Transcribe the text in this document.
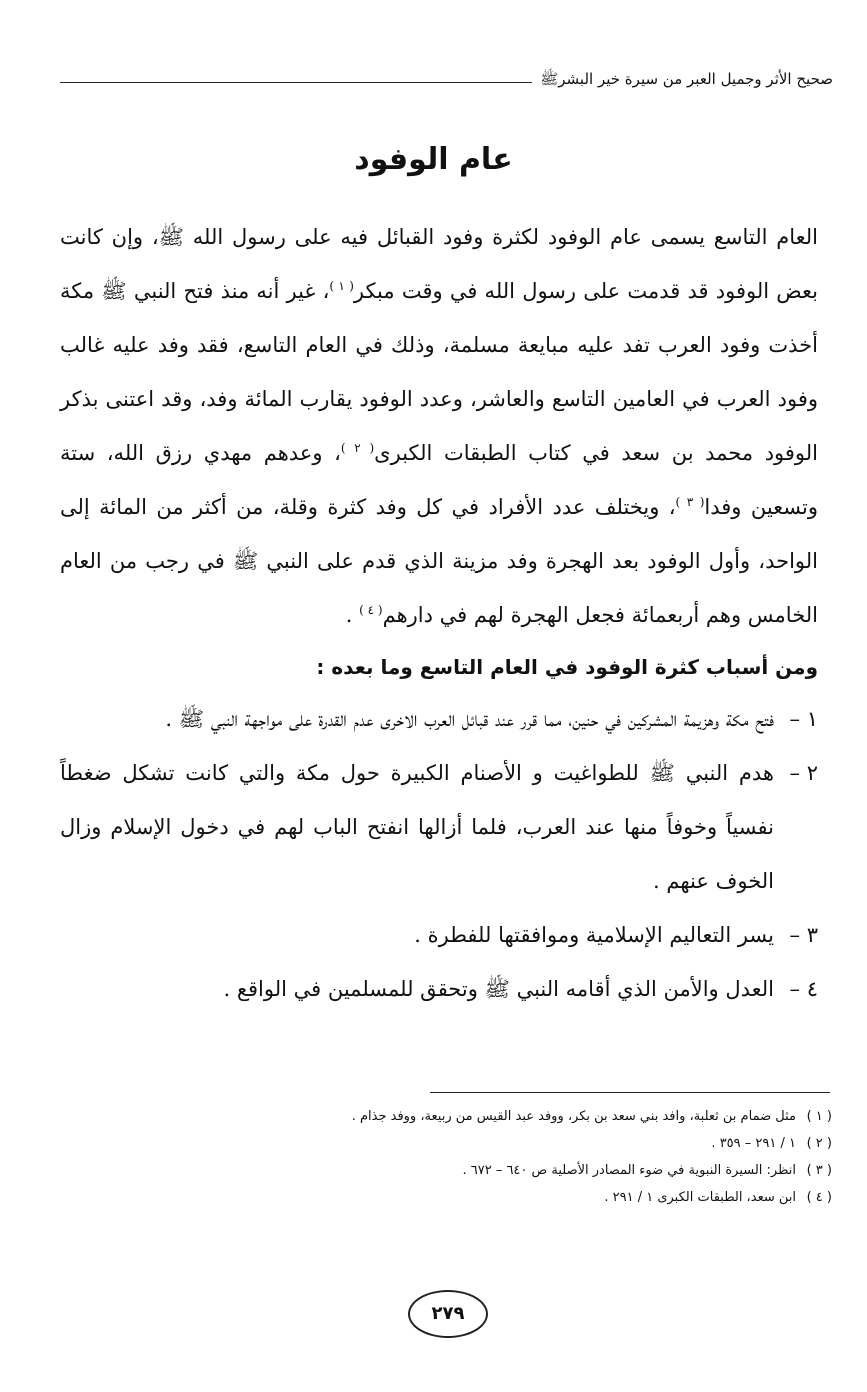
صحيح الأثر وجميل العبر من سيرة خير البشرﷺ
عام الوفود

العام التاسع يسمى عام الوفود لكثرة وفود القبائل فيه على رسول الله ﷺ، وإن كانت بعض الوفود قد قدمت على رسول الله في وقت مبكر$^{( ١ )}$، غير أنه منذ فتح النبي ﷺ مكة أخذت وفود العرب تفد عليه مبايعة مسلمة، وذلك في العام التاسع، فقد وفد عليه غالب وفود العرب في العامين التاسع والعاشر، وعدد الوفود يقارب المائة وفد، وقد اعتنى بذكر الوفود محمد بن سعد في كتاب الطبقات الكبرى$^{( ٢ )}$، وعدهم مهدي رزق الله، ستة وتسعين وفدا$^{( ٣ )}$، ويختلف عدد الأفراد في كل وفد كثرة وقلة، من أكثر من المائة إلى الواحد، وأول الوفود بعد الهجرة وفد مزينة الذي قدم على النبي ﷺ في رجب من العام الخامس وهم أربعمائة فجعل الهجرة لهم في دارهم$^{( ٤ )}$ .

ومن أسباب كثرة الوفود في العام التاسع وما بعده :

١ –
فتح مكة وهزيمة المشركين في حنين، مما قرر عند قبائل العرب الاخرى عدم القدرة على مواجهة النبي ﷺ .
٢ –
هدم النبي ﷺ للطواغيت و الأصنام الكبيرة حول مكة والتي كانت تشكل ضغطاً نفسياً وخوفاً منها عند العرب، فلما أزالها انفتح الباب لهم في دخول الإسلام وزال الخوف عنهم .
٣ –
يسر التعاليم الإسلامية وموافقتها للفطرة .
٤ –
العدل والأمن الذي أقامه النبي ﷺ وتحقق للمسلمين في الواقع .
( ١ )
مثل ضمام بن ثعلبة، وافد بني سعد بن بكر، ووفد عبد القيس من ربيعة، ووفد جذام .
( ٢ )
١ / ٢٩١ – ٣٥٩ .
( ٣ )
انظر: السيرة النبوية في ضوء المصادر الأصلية ص ٦٤٠ – ٦٧٢ .
( ٤ )
ابن سعد، الطبقات الكبرى ١ / ٢٩١ .
٢٧٩
